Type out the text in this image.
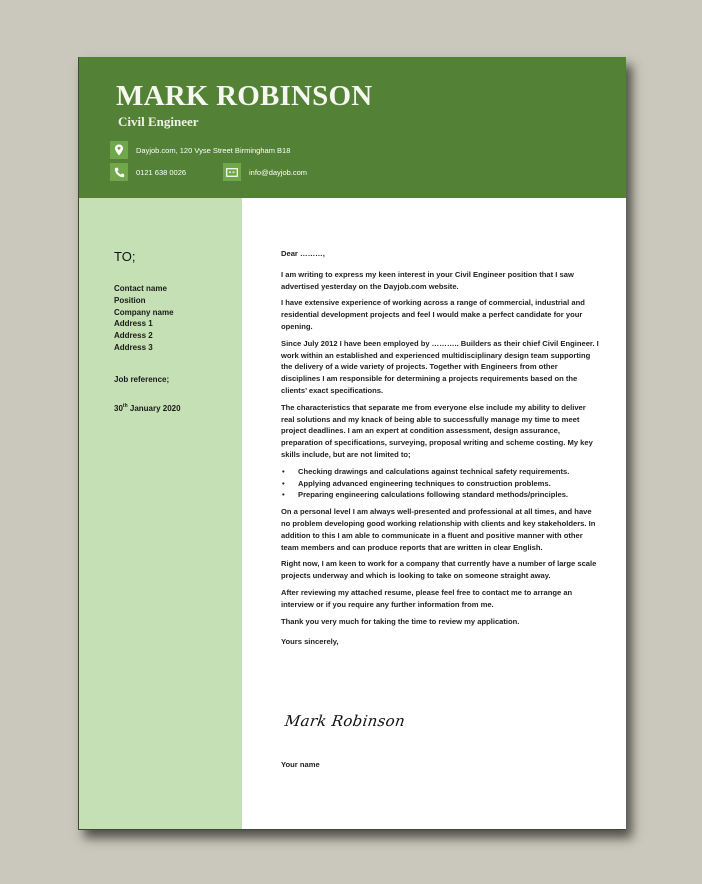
MARK ROBINSON
Civil Engineer
Dayjob.com, 120 Vyse Street Birmingham B18
0121 638 0026	info@dayjob.com
TO;
Contact name
Position
Company name
Address 1
Address 2
Address 3
Job reference;
30th January 2020

Dear ………,

I am writing to express my keen interest in your Civil Engineer position that I saw advertised yesterday on the Dayjob.com website.

I have extensive experience of working across a range of commercial, industrial and residential development projects and feel I would make a perfect candidate for your opening.

Since July 2012 I have been employed by ……….. Builders as their chief Civil Engineer. I work within an established and experienced multidisciplinary design team supporting the delivery of a wide variety of projects. Together with Engineers from other disciplines I am responsible for determining a projects requirements based on the clients’ exact specifications.

The characteristics that separate me from everyone else include my ability to deliver real solutions and my knack of being able to successfully manage my time to meet project deadlines. I am an expert at condition assessment, design assurance, preparation of specifications, surveying, proposal writing and scheme costing. My key skills include, but are not limited to;

• Checking drawings and calculations against technical safety requirements.
• Applying advanced engineering techniques to construction problems.
• Preparing engineering calculations following standard methods/principles.

On a personal level I am always well-presented and professional at all times, and have no problem developing good working relationship with clients and key stakeholders. In addition to this I am able to communicate in a fluent and positive manner with other team members and can produce reports that are written in clear English.

Right now, I am keen to work for a company that currently have a number of large scale projects underway and which is looking to take on someone straight away.

After reviewing my attached resume, please feel free to contact me to arrange an interview or if you require any further information from me.

Thank you very much for taking the time to review my application.

Yours sincerely,

Mark Robinson
Your name
